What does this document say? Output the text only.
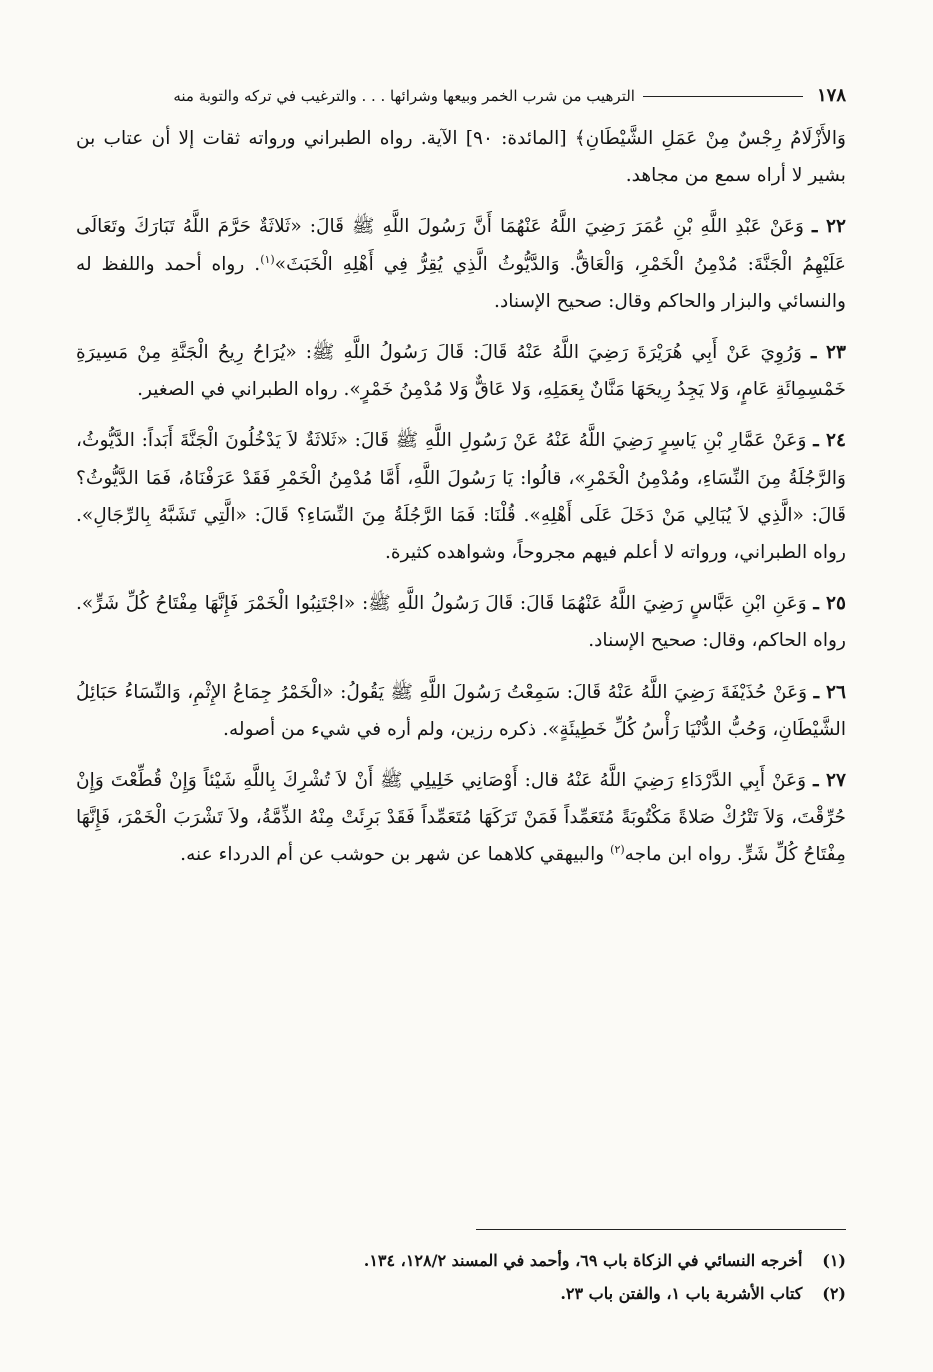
١٧٨
الترهيب من شرب الخمر وبيعها وشرائها . . . والترغيب في تركه والتوبة منه

وَالأَزْلَامُ رِجْسٌ مِنْ عَمَلِ الشَّيْطَانِ﴾ [المائدة: ٩٠] الآية. رواه الطبراني ورواته ثقات إلا أن عتاب بن بشير لا أراه سمع من مجاهد.

٢٢ ـ وَعَنْ عَبْدِ اللَّهِ بْنِ عُمَرَ رَضِيَ اللَّهُ عَنْهُمَا أَنَّ رَسُولَ اللَّهِ ﷺ قَالَ: «ثَلاثَةٌ حَرَّمَ اللَّهُ تَبَارَكَ وتَعَالَى عَلَيْهِمُ الْجَنَّةَ: مُدْمِنُ الْخَمْرِ، وَالْعَاقُّ. وَالدَّيُّوثُ الَّذِي يُقِرُّ فِي أَهْلِهِ الْخَبَثَ»$^{(١)}$. رواه أحمد واللفظ له والنسائي والبزار والحاكم وقال: صحيح الإسناد.

٢٣ ـ وَرُوِيَ عَنْ أَبِي هُرَيْرَةَ رَضِيَ اللَّهُ عَنْهُ قَالَ: قَالَ رَسُولُ اللَّهِ ﷺ: «يُرَاحُ رِيحُ الْجَنَّةِ مِنْ مَسِيرَةِ خَمْسِمِائَةِ عَامٍ، وَلا يَجِدُ رِيحَهَا مَنَّانٌ بِعَمَلِهِ، وَلا عَاقٌّ وَلا مُدْمِنُ خَمْرٍ». رواه الطبراني في الصغير.

٢٤ ـ وَعَنْ عَمَّارِ بْنِ يَاسِرٍ رَضِيَ اللَّهُ عَنْهُ عَنْ رَسُولِ اللَّهِ ﷺ قَالَ: «ثَلاثَةٌ لاَ يَدْخُلُونَ الْجَنَّةَ أَبَداً: الدَّيُّوثُ، وَالرَّجُلَةُ مِنَ النِّسَاءِ، ومُدْمِنُ الْخَمْرِ»، قالُوا: يَا رَسُولَ اللَّهِ، أَمَّا مُدْمِنُ الْخَمْرِ فَقَدْ عَرَفْنَاهُ، فَمَا الدَّيُّوثُ؟ قَالَ: «الَّذِي لاَ يُبَالِي مَنْ دَخَلَ عَلَى أَهْلِهِ». قُلْنَا: فَمَا الرَّجُلَةُ مِنَ النِّسَاءِ؟ قَالَ: «الَّتِي تَشَبَّهُ بِالرِّجَالِ». رواه الطبراني، ورواته لا أعلم فيهم مجروحاً، وشواهده كثيرة.

٢٥ ـ وَعَنِ ابْنِ عَبَّاسٍ رَضِيَ اللَّهُ عَنْهُمَا قَالَ: قَالَ رَسُولُ اللَّهِ ﷺ: «اجْتَنِبُوا الْخَمْرَ فَإِنَّهَا مِفْتَاحُ كُلِّ شَرٍّ». رواه الحاكم، وقال: صحيح الإسناد.

٢٦ ـ وَعَنْ حُذَيْفَةَ رَضِيَ اللَّهُ عَنْهُ قَالَ: سَمِعْتُ رَسُولَ اللَّهِ ﷺ يَقُولُ: «الْخَمْرُ جِمَاعُ الإِثْمِ، وَالنِّسَاءُ حَبَائِلُ الشَّيْطَانِ، وَحُبُّ الدُّنْيَا رَأْسُ كُلِّ خَطِيئَةٍ». ذكره رزين، ولم أره في شيء من أصوله.

٢٧ ـ وَعَنْ أَبِي الدَّرْدَاءِ رَضِيَ اللَّهُ عَنْهُ قال: أَوْصَانِي خَلِيلِي ﷺ أَنْ لاَ تُشْرِكَ بِاللَّهِ شَيْئاً وَإِنْ قُطِّعْتَ وَإِنْ حُرِّقْتَ، وَلاَ تَتْرُكْ صَلاةً مَكْتُوبَةً مُتَعَمِّداً فَمَنْ تَرَكَهَا مُتَعَمِّداً فَقَدْ بَرِئَتْ مِنْهُ الذِّمَّةُ، ولاَ تَشْرَبَ الْخَمْرَ، فَإِنَّهَا مِفْتَاحُ كُلِّ شَرٍّ. رواه ابن ماجه$^{(٢)}$ والبيهقي كلاهما عن شهر بن حوشب عن أم الدرداء عنه.

(١) أخرجه النسائي في الزكاة باب ٦٩، وأحمد في المسند ١٢٨/٢، ١٣٤.

(٢) كتاب الأشربة باب ١، والفتن باب ٢٣.
